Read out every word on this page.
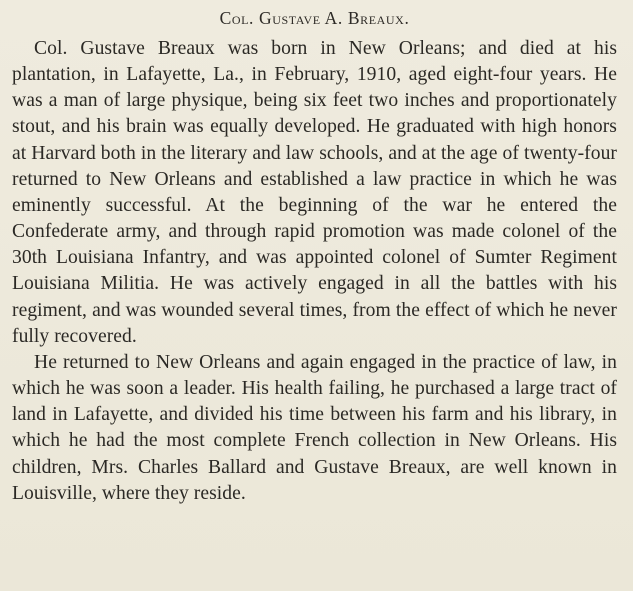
Col. Gustave A. Breaux.

Col. Gustave Breaux was born in New Orleans; and died at his plantation, in Lafayette, La., in February, 1910, aged eight-four years. He was a man of large physique, being six feet two inches and proportionately stout, and his brain was equally developed. He graduated with high honors at Harvard both in the literary and law schools, and at the age of twenty-four returned to New Orleans and established a law practice in which he was eminently successful. At the beginning of the war he entered the Confederate army, and through rapid promotion was made colonel of the 30th Louisiana Infantry, and was appointed colonel of Sumter Regiment Louisiana Militia. He was actively engaged in all the battles with his regiment, and was wounded several times, from the effect of which he never fully recovered.

He returned to New Orleans and again engaged in the practice of law, in which he was soon a leader. His health failing, he purchased a large tract of land in Lafayette, and divided his time between his farm and his library, in which he had the most complete French collection in New Orleans. His children, Mrs. Charles Ballard and Gustave Breaux, are well known in Louisville, where they reside.
